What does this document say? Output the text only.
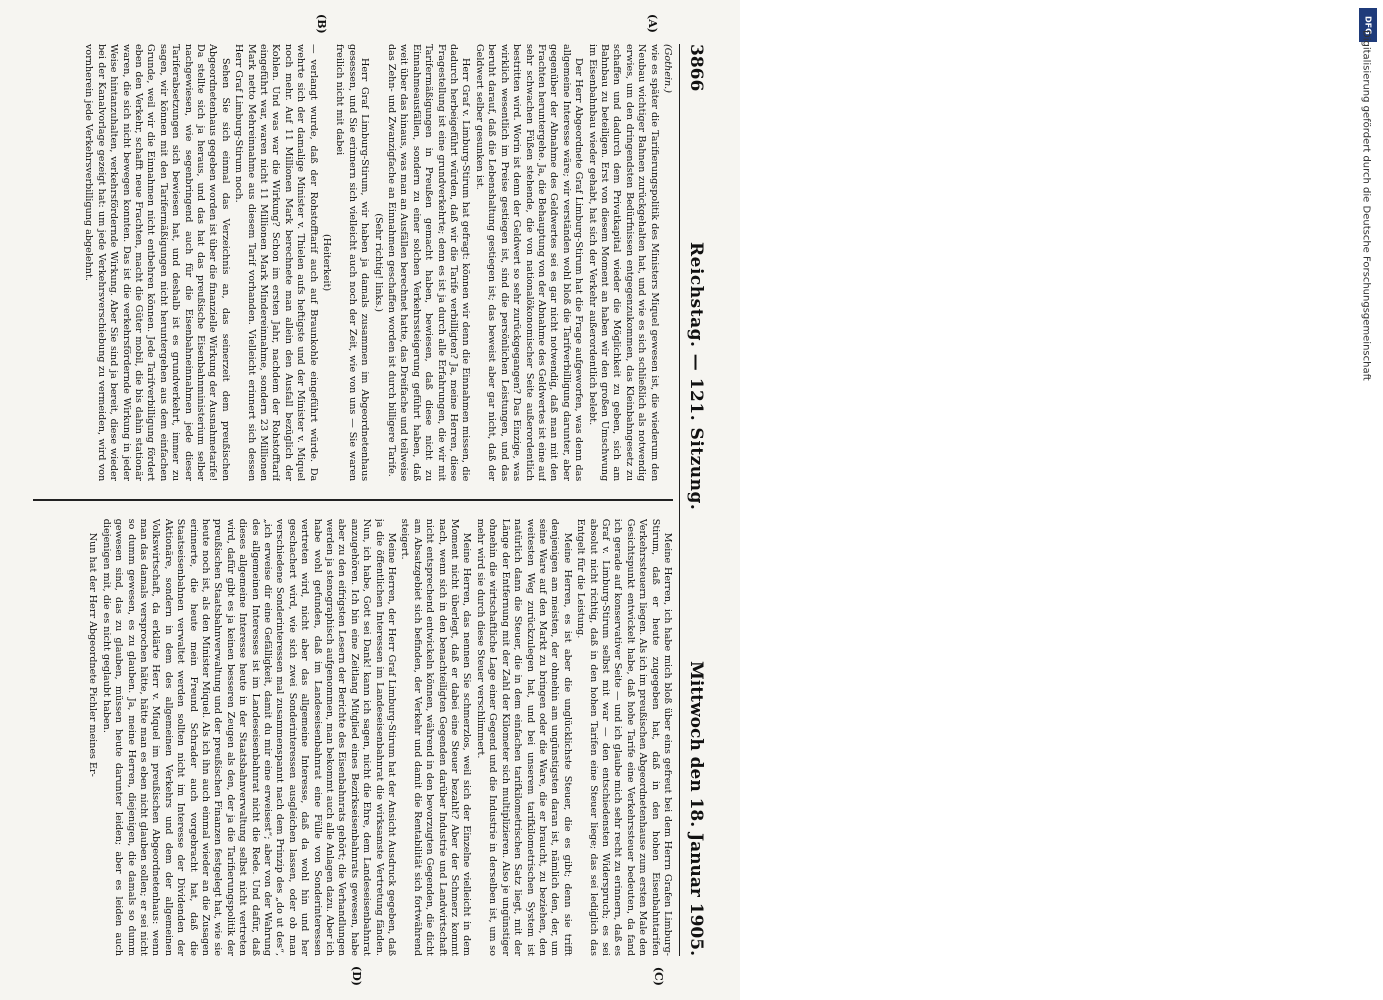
3866
Reichstag. — 121. Sitzung.
Mittwoch den 18. Januar 1905.
(A)
(B)
(C)
(D)

(Gothein.)

wie es später die Tarifierungspolitik des Ministers Miquel gewesen ist, die wiederum den Neubau wichtiger Bahnen zurückgehalten hat, und wie es sich schließlich als notwendig erwies, um den dringendsten Bedürfnissen entgegenzukommen, das Kleinbahngesetz zu schaffen und dadurch dem Privatkapital wieder die Möglichkeit zu geben, sich am Bahnbau zu beteiligen. Erst von diesem Moment an haben wir den großen Umschwung im Eisenbahnbau wieder gehabt, hat sich der Verkehr außerordentlich belebt.

Der Herr Abgeordnete Graf Limburg-Stirum hat die Frage aufgeworfen, was denn das allgemeine Interesse wäre; wir verständen wohl bloß die Tarifverbilligung darunter, aber gegenüber der Abnahme des Geldwertes sei es gar nicht notwendig, daß man mit den Frachten heruntergehe. Ja, die Behauptung von der Abnahme des Geldwertes ist eine auf sehr schwachen Füßen stehende, die von nationalökonomischer Seite außerordentlich bestritten wird. Worin ist denn der Geldwert so sehr zurückgegangen? Das Einzige, was wirklich wesentlich im Preise gestiegen ist, sind die persönlichen Leistungen, und das beruht darauf, daß die Lebenshaltung gestiegen ist; das beweist aber gar nicht, daß der Geldwert selber gesunken ist.

Herr Graf v. Limburg-Stirum hat gefragt: können wir denn die Einnahmen missen, die dadurch herbeigeführt würden, daß wir die Tarife verbilligten? Ja, meine Herren, diese Fragestellung ist eine grundverkehrte; denn es ist ja durch alle Erfahrungen, die wir mit Tarifermäßigungen in Preußen gemacht haben, bewiesen, daß diese nicht zu Einnahmeausfällen, sondern zu einer solchen Verkehrssteigerung geführt haben, daß weit über das hinaus, was man an Ausfällen berechnet hatte, das Dreifache und teilweise das Zehn- und Zwanzigfache an Einnahmen geschaffen worden ist durch billigere Tarife.

(Sehr richtig! links.)

Herr Graf Limburg-Stirum, wir haben ja damals zusammen im Abgeordnetenhaus gesessen, und Sie erinnern sich vielleicht auch noch der Zeit, wie von uns — Sie waren freilich nicht mit dabei

(Heiterkeit)

— verlangt wurde, daß der Rohstofftarif auch auf Braunkohle eingeführt würde. Da wehrte sich der damalige Minister v. Thielen aufs heftigste und der Minister v. Miquel noch mehr. Auf 11 Millionen Mark berechnete man allein den Ausfall bezüglich der Kohlen. Und was war die Wirkung? Schon im ersten Jahr, nachdem der Rohstofftarif eingeführt war, waren nicht 11 Millionen Mark Mindereinnahme, sondern 23 Millionen Mark netto Mehreinnahme aus diesem Tarif vorhanden. Vielleicht erinnert sich dessen Herr Graf Limburg-Stirum noch.

Sehen Sie sich einmal das Verzeichnis an, das seinerzeit dem preußischen Abgeordnetenhaus gegeben worden ist über die finanzielle Wirkung der Ausnahmetarife! Da stellte sich ja heraus, und das hat das preußische Eisenbahnministerium selber nachgewiesen, wie segenbringend auch für die Eisenbahneinnahmen jede dieser Tariferabsetzungen sich bewiesen hat, und deshalb ist es grundverkehrt, immer zu sagen, wir können mit den Tarifermäßigungen nicht heruntergehen aus dem einfachen Grunde, weil wir die Einnahmen nicht entbehren können. Jede Tarifverbilligung fördert eben den Verkehr, schafft neue Frachten, macht die Güter mobil, die bis dahin stationär waren, die sich nicht bewegen konnten. Das ist die verkehrsfördernde Wirkung in jeder Weise hintanzuhalten, verkehrsfördernde Wirkung. Aber Sie sind ja bereit, diese wieder bei der Kanalvorlage gezeigt hat: um jede Verkehrsverschiebung zu vermeiden, wird von vornherein jede Verkehrsverbilligung abgelehnt.

Meine Herren, ich habe mich bloß über eins gefreut bei dem Herrn Grafen Limburg-Stirum, daß er heute zugegeben hat, daß in den hohen Eisenbahntarifen Verkehrssteuern liegen. Als ich im preußischen Abgeordnetenhause zum ersten Male den Gesichtspunkt entwickelt habe, daß hohe Tarife eine Verkehrssteuer bedeuten, da fand ich gerade auf konservativer Seite — und ich glaube mich sehr recht zu erinnern, daß es Graf v. Limburg-Stirum selbst mit war — den entschiedensten Widerspruch; es sei absolut nicht richtig, daß in den hohen Tarifen eine Steuer liege; das sei lediglich das Entgelt für die Leistung.

Meine Herren, es ist aber die unglücklichste Steuer, die es gibt; denn sie trifft denjenigen am meisten, der ohnehin am ungünstigsten daran ist, nämlich den, der, um seine Ware auf den Markt zu bringen oder die Ware, die er braucht, zu beziehen, den weitesten Weg zurückzulegen hat, und bei unserem tarifkilometrischen System ist natürlich dann die Steuer, die in dem einfachen tarifkilometrischen Satz liegt, mit der Länge der Entfernung mit der Zahl der Kilometer sich multiplizieren. Also je ungünstiger ohnehin die wirtschaftliche Lage einer Gegend und die Industrie in derselben ist, um so mehr wird sie durch diese Steuer verschlimmert.

Meine Herren, das nennen Sie schmerzlos, weil sich der Einzelne vielleicht in dem Moment nicht überlegt, daß er dabei eine Steuer bezahlt? Aber der Schmerz kommt nach, wenn sich in den benachteiligten Gegenden darüber Industrie und Landwirtschaft nicht entsprechend entwickeln können, während in den bevorzugten Gegenden, die dicht am Absatzgebiet sich befinden, der Verkehr und damit die Rentabilität sich fortwährend steigert.

Meine Herren, der Herr Graf Limburg-Stirum hat der Ansicht Ausdruck gegeben, daß ja die öffentlichen Interessen im Landeseisenbahnrat die wirksamste Vertretung fänden. Nun, ich habe, Gott sei Dank! kann ich sagen, nicht die Ehre, dem Landeseisenbahnrat anzugehören. Ich bin eine Zeitlang Mitglied eines Bezirkseisenbahnrats gewesen, habe aber zu den eifrigsten Lesern der Berichte des Eisenbahnrats gehört; die Verhandlungen werden ja stenographisch aufgenommen, man bekommt auch alle Anlagen dazu. Aber ich habe wohl gefunden, daß im Landeseisenbahnrat eine Fülle von Sonderinteressen vertreten wird, nicht aber das allgemeine Interesse, daß da wohl hin und her geschachert wird, wie sich zwei Sonderinteressen ausgleichen lassen, oder ob man verschiedene Sonderinteressen mal zusammenspannt nach dem Prinzip des „do ut des“, „ich erweise dir eine Gefälligkeit, damit du mir eine erweisest“; aber von der Wahrung des allgemeinen Interesses ist im Landeseisenbahnrat nicht die Rede. Und dafür, daß dieses allgemeine Interesse heute in der Staatsbahnverwaltung selbst nicht vertreten wird, dafür gibt es ja keinen besseren Zeugen als den, der ja die Tarifierungspolitik der preußischen Staatsbahnverwaltung und der preußischen Finanzen festgelegt hat, wie sie heute noch ist, als den Minister Miquel. Als ich ihn auch einmal wieder an die Zusagen erinnerte, die heute mein Freund Schrader auch vorgebracht hat, daß die Staatseisenbahnen verwaltet werden sollten nicht im Interesse der Dividenden der Aktionäre, sondern in dem des allgemeinen Verkehrs und dem der allgemeinen Volkswirtschaft, da erklärte Herr v. Miquel im preußischen Abgeordnetenhaus: wenn man das damals versprochen hätte, hätte man es eben nicht glauben sollen; er sei nicht so dumm gewesen, es zu glauben. Ja, meine Herren, diejenigen, die damals so dumm gewesen sind, das zu glauben, müssen heute darunter leiden; aber es leiden auch diejenigen mit, die es nicht geglaubt haben.

Nun hat der Herr Abgeordnete Pichler meines Er-

DFG
Digitalisierung gefördert durch die Deutsche Forschungsgemeinschaft
